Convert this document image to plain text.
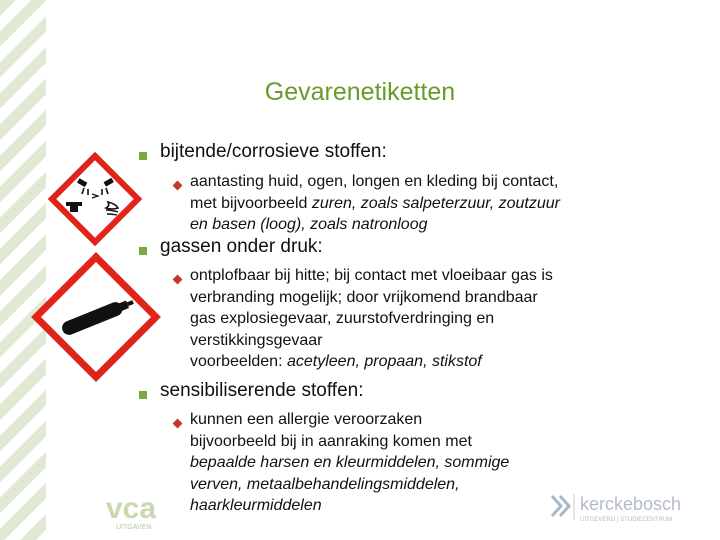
Gevarenetiketten
bijtende/corrosieve stoffen:
aantasting huid, ogen, longen en kleding bij contact,
met bijvoorbeeld zuren, zoals salpeterzuur, zoutzuur
en basen (loog), zoals natronloog
gassen onder druk:
ontplofbaar bij hitte; bij contact met vloeibaar gas is
verbranding mogelijk; door vrijkomend brandbaar
gas explosiegevaar, zuurstofverdringing en
verstikkingsgevaar
voorbeelden: acetyleen, propaan, stikstof
sensibiliserende stoffen:
kunnen een allergie veroorzaken
bijvoorbeeld bij in aanraking komen met
bepaalde harsen en kleurmiddelen, sommige
verven, metaalbehandelingsmiddelen,
haarkleurmiddelen
vca
UITGAVEN
kerckebosch
UITGEVERIJ | STUDIECENTRUM
